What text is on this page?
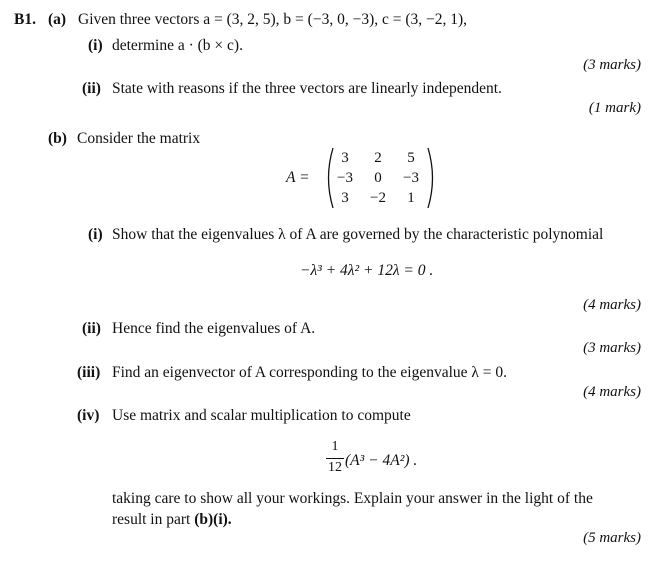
B1. (a) Given three vectors a = (3, 2, 5), b = (−3, 0, −3), c = (3, −2, 1),
(i) determine a · (b × c).
(3 marks)
(ii) State with reasons if the three vectors are linearly independent.
(1 mark)
(b) Consider the matrix
A =
3	2	5
−3	0	−3
3	−2	1
(i) Show that the eigenvalues λ of A are governed by the characteristic polynomial
−λ³ + 4λ² + 12λ = 0 .
(4 marks)
(ii) Hence find the eigenvalues of A.
(3 marks)
(iii) Find an eigenvector of A corresponding to the eigenvalue λ = 0.
(4 marks)
(iv) Use matrix and scalar multiplication to compute
1
12 (A³ − 4A²) .
taking care to show all your workings. Explain your answer in the light of the
result in part (b)(i).
(5 marks)
